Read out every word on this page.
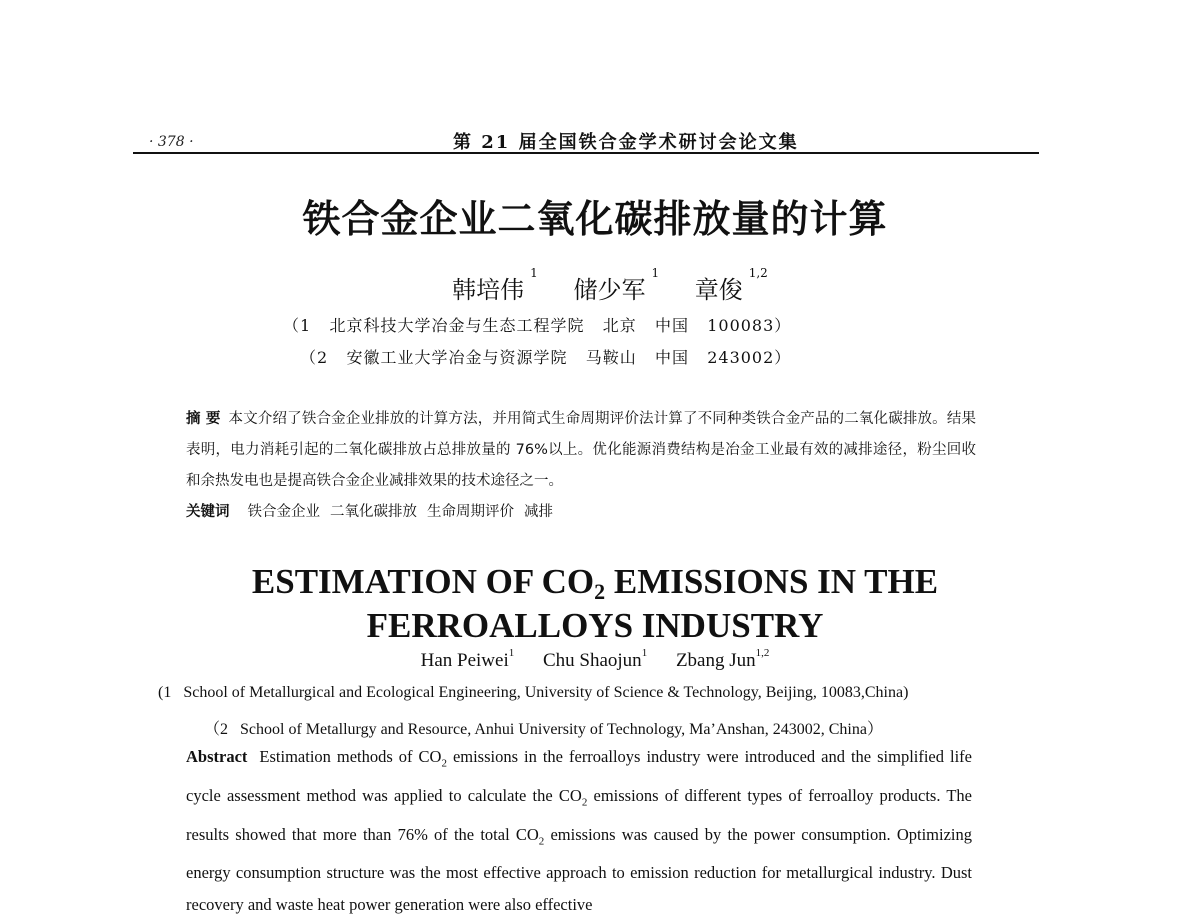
· 378 ·	第 21 届全国铁合金学术研讨会论文集
铁合金企业二氧化碳排放量的计算
韩培伟$^1$ 储少军$^1$ 章俊$^{1,2}$
（1   北京科技大学冶金与生态工程学院   北京   中国   100083）
（2   安徽工业大学冶金与资源学院   马鞍山   中国   243002）
摘 要 本文介绍了铁合金企业排放的计算方法，并用简式生命周期评价法计算了不同种类铁合金产品的二氧化碳排放。结果表明，电力消耗引起的二氧化碳排放占总排放量的 76%以上。优化能源消费结构是冶金工业最有效的减排途径，粉尘回收和余热发电也是提高铁合金企业减排效果的技术途径之一。
关键词 铁合金企业 二氧化碳排放 生命周期评价 减排
ESTIMATION OF $CO_2$ EMISSIONS IN THE
FERROALLOYS INDUSTRY
Han Peiwei$^1$ Chu Shaojun$^1$ Zbang Jun$^{1,2}$
(1   School of Metallurgical and Ecological Engineering, University of Science & Technology, Beijing, 10083,China)
（2   School of Metallurgy and Resource, Anhui University of Technology, Ma’Anshan, 243002, China）
Abstract Estimation methods of $CO_2$ emissions in the ferroalloys industry were introduced and the simplified life cycle assessment method was applied to calculate the $CO_2$ emissions of different types of ferroalloy products. The results showed that more than 76% of the total $CO_2$ emissions was caused by the power consumption. Optimizing energy consumption structure was the most effective approach to emission reduction for metallurgical industry. Dust recovery and waste heat power generation were also effective
